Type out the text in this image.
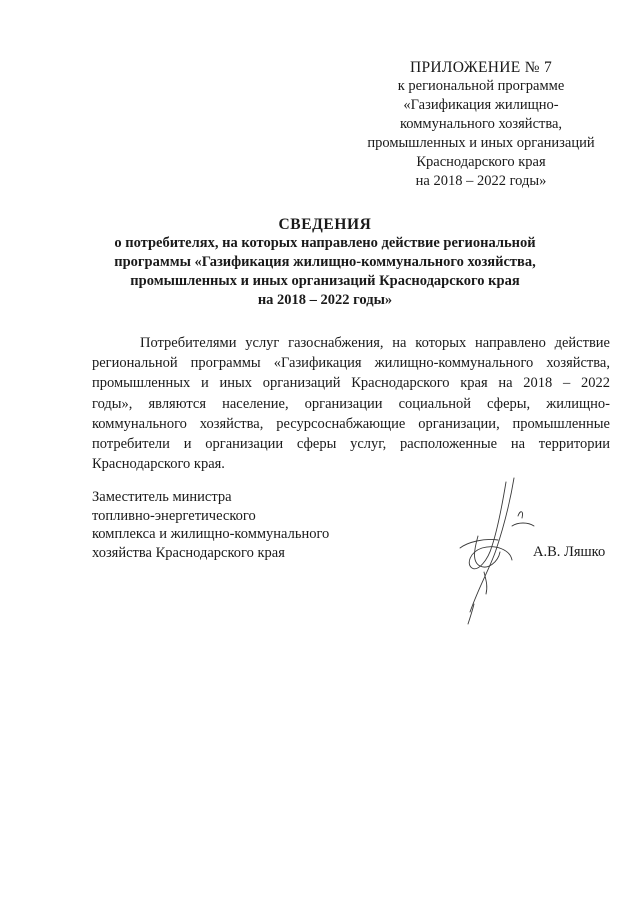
ПРИЛОЖЕНИЕ № 7
к региональной программе
«Газификация жилищно-
коммунального хозяйства,
промышленных и иных организаций
Краснодарского края
на 2018 – 2022 годы»
СВЕДЕНИЯ
о потребителях, на которых направлено действие региональной
программы «Газификация жилищно-коммунального хозяйства,
промышленных и иных организаций Краснодарского края
на 2018 – 2022 годы»
Потребителями услуг газоснабжения, на которых направлено действие
региональной программы «Газификация жилищно-коммунального хозяйства,
промышленных и иных организаций Краснодарского края на 2018 – 2022
годы», являются население, организации социальной сферы, жилищно-
коммунального хозяйства, ресурсоснабжающие организации, промышленные
потребители и организации сферы услуг, расположенные на территории
Краснодарского края.
Заместитель министра
топливно-энергетического
комплекса и жилищно-коммунального
хозяйства Краснодарского края	А.В. Ляшко
